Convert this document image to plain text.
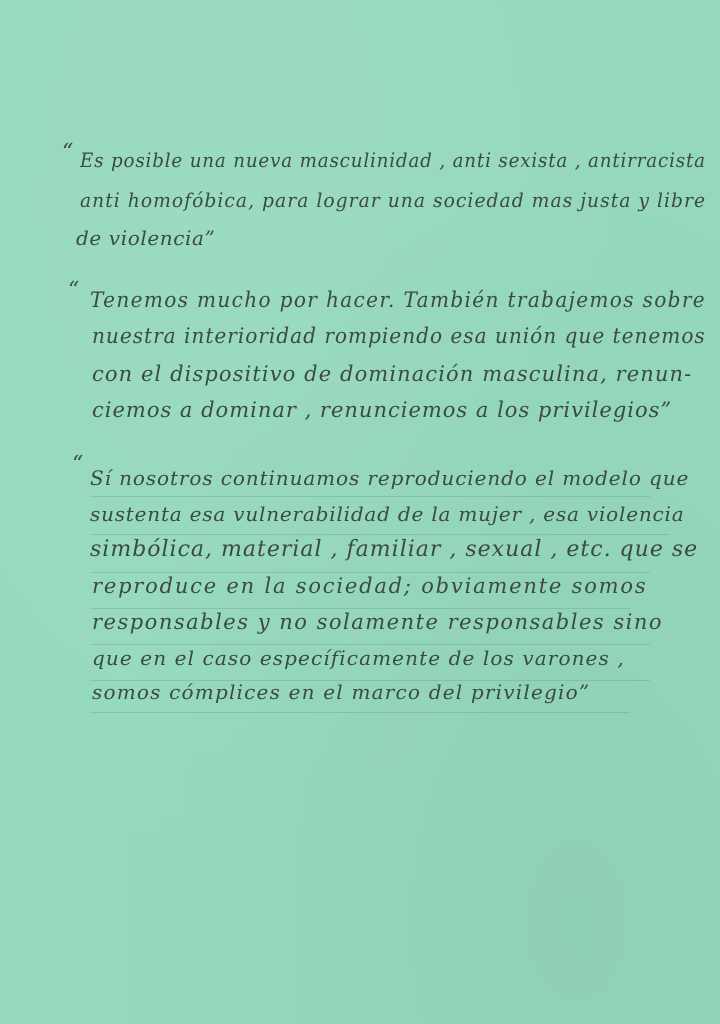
“ Es posible una nueva masculinidad , anti sexista , antirracista
anti homofóbica, para lograr una sociedad mas justa y libre
de violencia”
“ Tenemos mucho por hacer. También trabajemos sobre
nuestra interioridad rompiendo esa unión que tenemos
con el dispositivo de dominación masculina, renun-
ciemos a dominar , renunciemos a los privilegios”
“
Sí nosotros continuamos reproduciendo el modelo que
sustenta esa vulnerabilidad de la mujer , esa violencia
simbólica, material , familiar , sexual , etc. que se
reproduce en la sociedad; obviamente somos
responsables y no solamente responsables sino
que en el caso específicamente de los varones ,
somos cómplices en el marco del privilegio”
